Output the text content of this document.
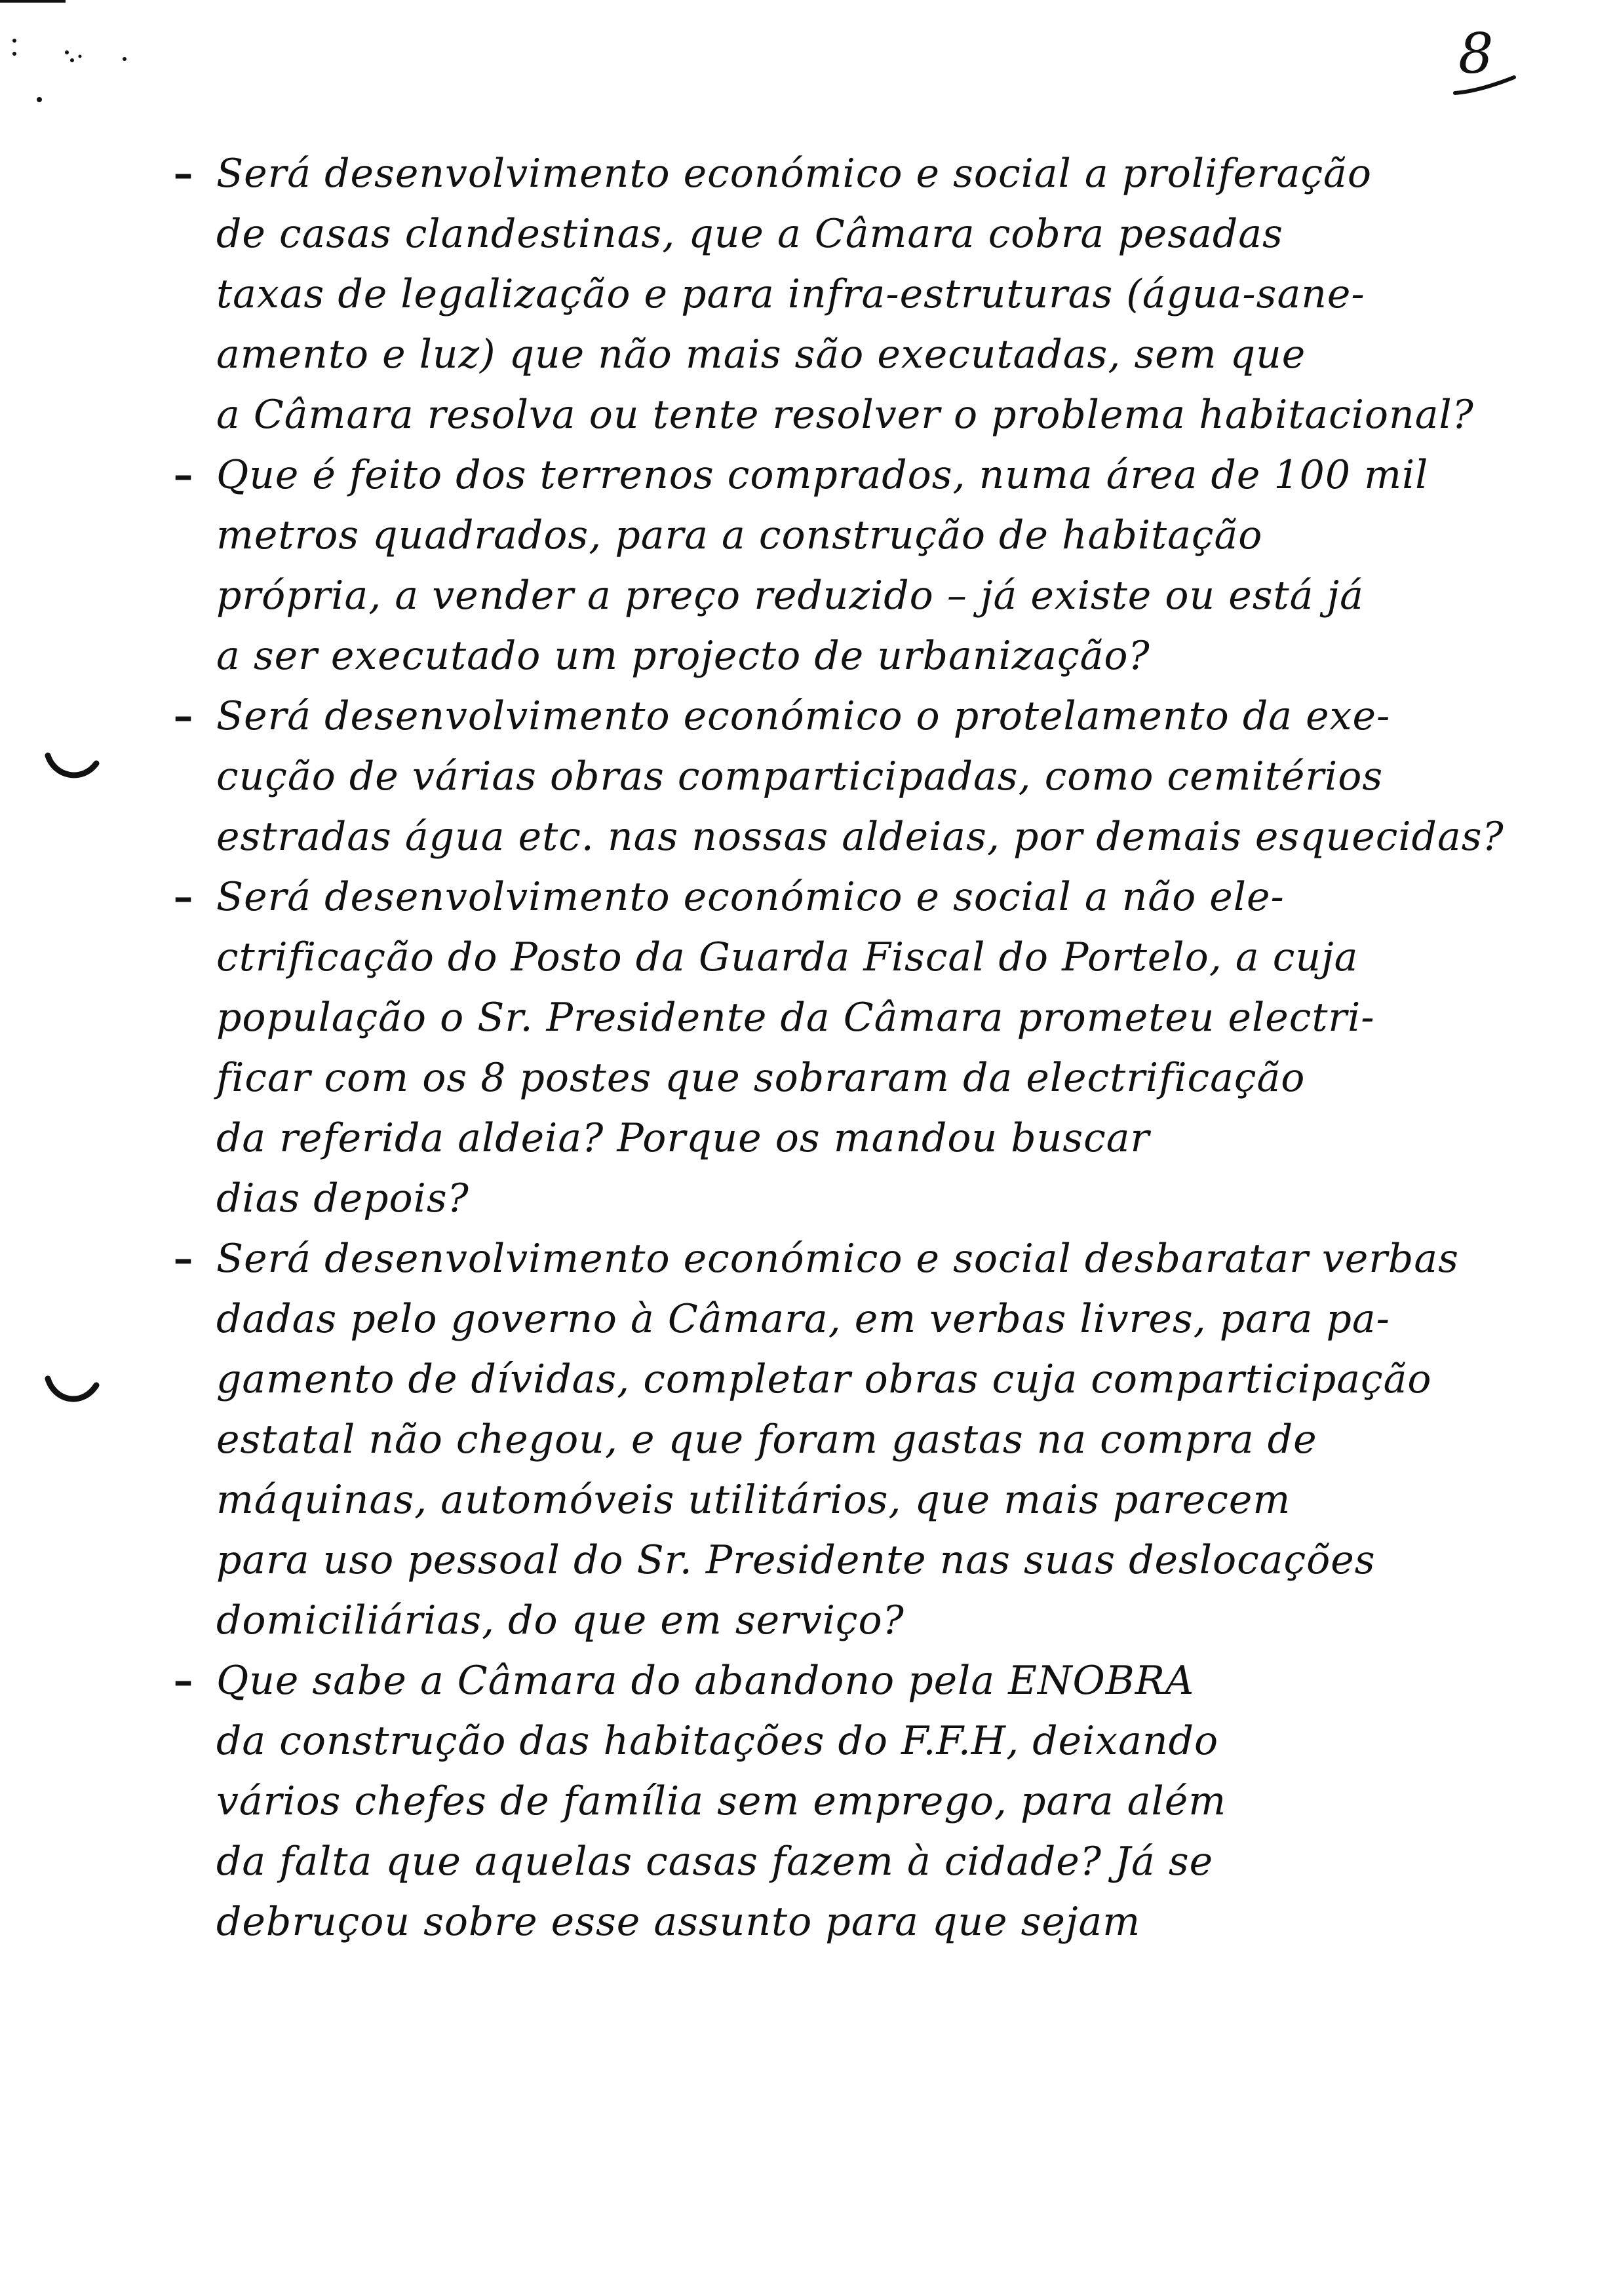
8
– Será desenvolvimento económico e social a proliferação
de casas clandestinas, que a Câmara cobra pesadas
taxas de legalização e para infra-estruturas (água-sane-
amento e luz) que não mais são executadas, sem que
a Câmara resolva ou tente resolver o problema habitacional?
– Que é feito dos terrenos comprados, numa área de 100 mil
metros quadrados, para a construção de habitação
própria, a vender a preço reduzido – já existe ou está já
a ser executado um projecto de urbanização?
– Será desenvolvimento económico o protelamento da exe-
cução de várias obras comparticipadas, como cemitérios
estradas água etc. nas nossas aldeias, por demais esquecidas?
– Será desenvolvimento económico e social a não ele-
ctrificação do Posto da Guarda Fiscal do Portelo, a cuja
população o Sr. Presidente da Câmara prometeu electri-
ficar com os 8 postes que sobraram da electrificação
da referida aldeia? Porque os mandou buscar
dias depois?
– Será desenvolvimento económico e social desbaratar verbas
dadas pelo governo à Câmara, em verbas livres, para pa-
gamento de dívidas, completar obras cuja comparticipação
estatal não chegou, e que foram gastas na compra de
máquinas, automóveis utilitários, que mais parecem
para uso pessoal do Sr. Presidente nas suas deslocações
domiciliárias, do que em serviço?
– Que sabe a Câmara do abandono pela ENOBRA
da construção das habitações do F.F.H, deixando
vários chefes de família sem emprego, para além
da falta que aquelas casas fazem à cidade? Já se
debruçou sobre esse assunto para que sejam
